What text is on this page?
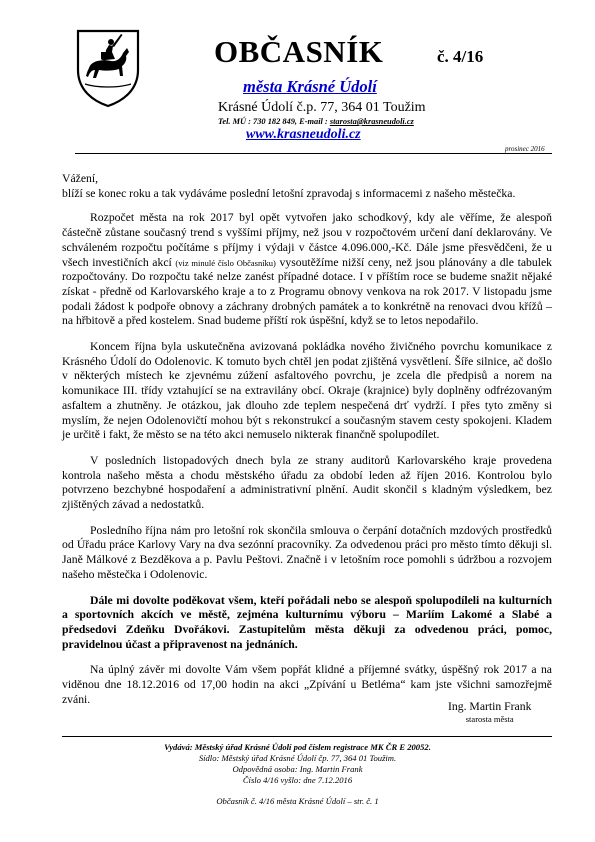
OBČASNÍK	č. 4/16
města Krásné Údolí
Krásné Údolí č.p. 77, 364 01 Toužim
Tel. MÚ : 730 182 849, E-mail : starosta@krasneudoli.cz
www.krasneudoli.cz
prosinec 2016

Vážení,

blíží se konec roku a tak vydáváme poslední letošní zpravodaj s informacemi z našeho městečka.

Rozpočet města na rok 2017 byl opět vytvořen jako schodkový, kdy ale věříme, že alespoň částečně zůstane současný trend s vyššími příjmy, než jsou v rozpočtovém určení daní deklarovány. Ve schváleném rozpočtu počítáme s příjmy i výdaji v částce 4.096.000,-Kč. Dále jsme přesvědčeni, že u všech investičních akcí (viz minulé číslo Občasníku) vysoutěžíme nižší ceny, než jsou plánovány a dle tabulek rozpočtovány. Do rozpočtu také nelze zanést případné dotace. I v příštím roce se budeme snažit nějaké získat - předně od Karlovarského kraje a to z Programu obnovy venkova na rok 2017. V listopadu jsme podali žádost k podpoře obnovy a záchrany drobných památek a to konkrétně na renovaci dvou křížů – na hřbitově a před kostelem. Snad budeme příští rok úspěšní, když se to letos nepodařilo.

Koncem října byla uskutečněna avizovaná pokládka nového živičného povrchu komunikace z Krásného Údolí do Odolenovic. K tomuto bych chtěl jen podat zjištěná vysvětlení. Šíře silnice, ač došlo v některých místech ke zjevnému zúžení asfaltového povrchu, je zcela dle předpisů a norem na komunikace III. třídy vztahující se na extravilány obcí. Okraje (krajnice) byly doplněny odfrézovaným asfaltem a zhutněny. Je otázkou, jak dlouho zde teplem nespečená drť vydrží. I přes tyto změny si myslím, že nejen Odolenovičtí mohou být s rekonstrukcí a současným stavem cesty spokojeni. Kladem je určitě i fakt, že město se na této akci nemuselo nikterak finančně spolupodílet.

V posledních listopadových dnech byla ze strany auditorů Karlovarského kraje provedena kontrola našeho města a chodu městského úřadu za období leden až říjen 2016. Kontrolou bylo potvrzeno bezchybné hospodaření a administrativní plnění. Audit skončil s kladným výsledkem, bez zjištěných závad a nedostatků.

Posledního října nám pro letošní rok skončila smlouva o čerpání dotačních mzdových prostředků od Úřadu práce Karlovy Vary na dva sezónní pracovníky. Za odvedenou práci pro město tímto děkuji sl. Janě Málkové z Bezděkova a p. Pavlu Peštovi. Značně i v letošním roce pomohli s údržbou a rozvojem našeho městečka i Odolenovic.

Dále mi dovolte poděkovat všem, kteří pořádali nebo se alespoň spolupodíleli na kulturních a sportovních akcích ve městě, zejména kulturnímu výboru – Mariím Lakomé a Slabé a předsedovi Zdeňku Dvořákovi. Zastupitelům města děkuji za odvedenou práci, pomoc, pravidelnou účast a připravenost na jednáních.

Na úplný závěr mi dovolte Vám všem popřát klidné a příjemné svátky, úspěšný rok 2017 a na viděnou dne 18.12.2016 od 17,00 hodin na akci „Zpívání u Betléma“ kam jste všichni samozřejmě zváni.

Ing. Martin Frank
starosta města
Vydává: Městský úřad Krásné Údolí pod číslem registrace MK ČR E 20052.
Sídlo: Městský úřad Krásné Údolí čp. 77, 364 01 Toužim.
Odpovědná osoba: Ing. Martin Frank
Číslo 4/16 vyšlo: dne 7.12.2016
Občasník č. 4/16 města Krásné Údolí – str. č. 1
